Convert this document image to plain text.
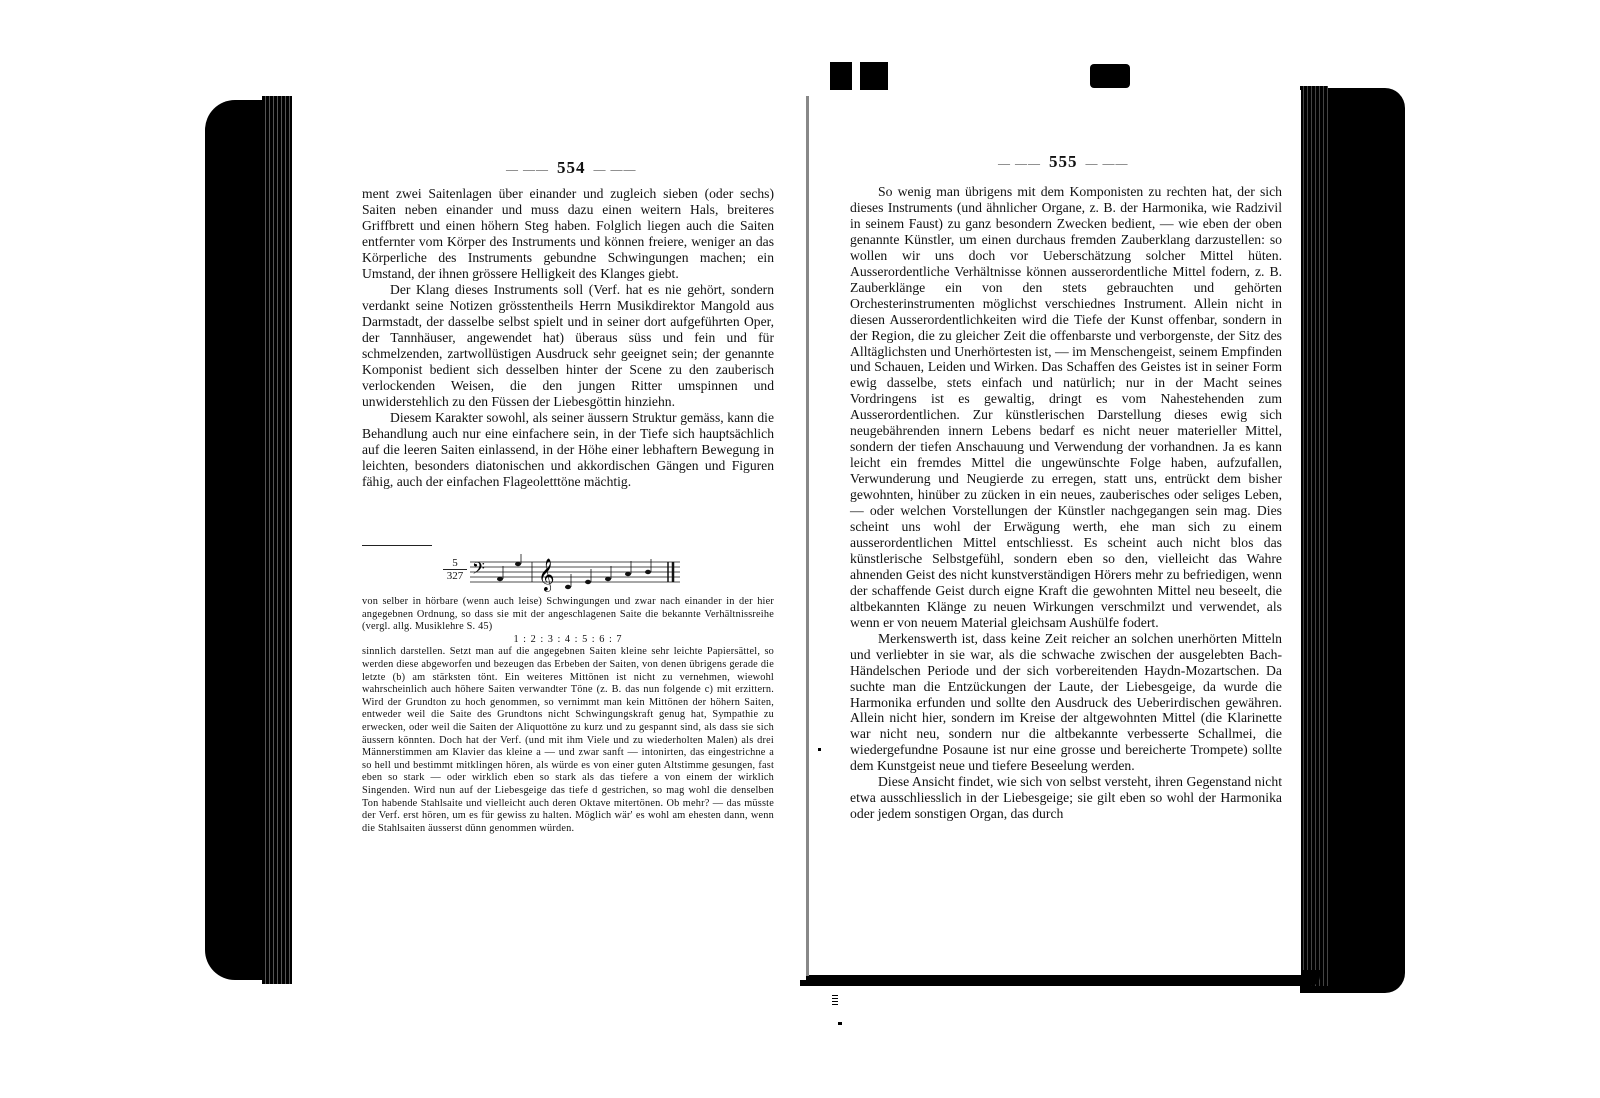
— —— 554 — ——

ment zwei Saitenlagen über einander und zugleich sieben (oder sechs) Saiten neben einander und muss dazu einen weitern Hals, breiteres Griffbrett und einen höhern Steg haben. Folglich liegen auch die Saiten entfernter vom Körper des Instruments und können freiere, weniger an das Körperliche des Instruments gebundne Schwingungen machen; ein Umstand, der ihnen grössere Helligkeit des Klanges giebt.

Der Klang dieses Instruments soll (Verf. hat es nie gehört, sondern verdankt seine Notizen grösstentheils Herrn Musikdirektor Mangold aus Darmstadt, der dasselbe selbst spielt und in seiner dort aufgeführten Oper, der Tannhäuser, angewendet hat) überaus süss und fein und für schmelzenden, zartwollüstigen Ausdruck sehr geeignet sein; der genannte Komponist bedient sich desselben hinter der Scene zu den zauberisch verlockenden Weisen, die den jungen Ritter umspinnen und unwiderstehlich zu den Füssen der Liebesgöttin hinziehn.

Diesem Karakter sowohl, als seiner äussern Struktur gemäss, kann die Behandlung auch nur eine einfachere sein, in der Tiefe sich hauptsächlich auf die leeren Saiten einlassend, in der Höhe einer lebhaftern Bewegung in leichten, besonders diatonischen und akkordischen Gängen und Figuren fähig, auch der einfachen Flageoletttöne mächtig.

$\frac{5}{327}$ 𝄢 𝄞

von selber in hörbare (wenn auch leise) Schwingungen und zwar nach einander in der hier angegebnen Ordnung, so dass sie mit der angeschlagenen Saite die bekannte Verhältnissreihe (vergl. allg. Musiklehre S. 45)

1 : 2 : 3 : 4 : 5 : 6 : 7

sinnlich darstellen. Setzt man auf die angegebnen Saiten kleine sehr leichte Papiersättel, so werden diese abgeworfen und bezeugen das Erbeben der Saiten, von denen übrigens gerade die letzte (b) am stärksten tönt. Ein weiteres Mittönen ist nicht zu vernehmen, wiewohl wahrscheinlich auch höhere Saiten verwandter Töne (z. B. das nun folgende c) mit erzittern. Wird der Grundton zu hoch genommen, so vernimmt man kein Mittönen der höhern Saiten, entweder weil die Saite des Grundtons nicht Schwingungskraft genug hat, Sympathie zu erwecken, oder weil die Saiten der Aliquottöne zu kurz und zu gespannt sind, als dass sie sich äussern könnten. Doch hat der Verf. (und mit ihm Viele und zu wiederholten Malen) als drei Männerstimmen am Klavier das kleine a — und zwar sanft — intonirten, das eingestrichne a so hell und bestimmt mitklingen hören, als würde es von einer guten Altstimme gesungen, fast eben so stark — oder wirklich eben so stark als das tiefere a von einem der wirklich Singenden. Wird nun auf der Liebesgeige das tiefe d gestrichen, so mag wohl die denselben Ton habende Stahlsaite und vielleicht auch deren Oktave mitertönen. Ob mehr? — das müsste der Verf. erst hören, um es für gewiss zu halten. Möglich wär' es wohl am ehesten dann, wenn die Stahlsaiten äusserst dünn genommen würden.

— —— 555 — ——

So wenig man übrigens mit dem Komponisten zu rechten hat, der sich dieses Instruments (und ähnlicher Organe, z. B. der Harmonika, wie Radzivil in seinem Faust) zu ganz besondern Zwecken bedient, — wie eben der oben genannte Künstler, um einen durchaus fremden Zauberklang darzustellen: so wollen wir uns doch vor Ueberschätzung solcher Mittel hüten. Ausserordentliche Verhältnisse können ausserordentliche Mittel fodern, z. B. Zauberklänge ein von den stets gebrauchten und gehörten Orchesterinstrumenten möglichst verschiednes Instrument. Allein nicht in diesen Ausserordentlichkeiten wird die Tiefe der Kunst offenbar, sondern in der Region, die zu gleicher Zeit die offenbarste und verborgenste, der Sitz des Alltäglichsten und Unerhörtesten ist, — im Menschengeist, seinem Empfinden und Schauen, Leiden und Wirken. Das Schaffen des Geistes ist in seiner Form ewig dasselbe, stets einfach und natürlich; nur in der Macht seines Vordringens ist es gewaltig, dringt es vom Nahestehenden zum Ausserordentlichen. Zur künstlerischen Darstellung dieses ewig sich neugebährenden innern Lebens bedarf es nicht neuer materieller Mittel, sondern der tiefen Anschauung und Verwendung der vorhandnen. Ja es kann leicht ein fremdes Mittel die ungewünschte Folge haben, aufzufallen, Verwunderung und Neugierde zu erregen, statt uns, entrückt dem bisher gewohnten, hinüber zu zücken in ein neues, zauberisches oder seliges Leben, — oder welchen Vorstellungen der Künstler nachgegangen sein mag. Dies scheint uns wohl der Erwägung werth, ehe man sich zu einem ausserordentlichen Mittel entschliesst. Es scheint auch nicht blos das künstlerische Selbstgefühl, sondern eben so den, vielleicht das Wahre ahnenden Geist des nicht kunstverständigen Hörers mehr zu befriedigen, wenn der schaffende Geist durch eigne Kraft die gewohnten Mittel neu beseelt, die altbekannten Klänge zu neuen Wirkungen verschmilzt und verwendet, als wenn er von neuem Material gleichsam Aushülfe fodert.

Merkenswerth ist, dass keine Zeit reicher an solchen unerhörten Mitteln und verliebter in sie war, als die schwache zwischen der ausgelebten Bach-Händelschen Periode und der sich vorbereitenden Haydn-Mozartschen. Da suchte man die Entzückungen der Laute, der Liebesgeige, da wurde die Harmonika erfunden und sollte den Ausdruck des Ueberirdischen gewähren. Allein nicht hier, sondern im Kreise der altgewohnten Mittel (die Klarinette war nicht neu, sondern nur die altbekannte verbesserte Schallmei, die wiedergefundne Posaune ist nur eine grosse und bereicherte Trompete) sollte dem Kunstgeist neue und tiefere Beseelung werden.

Diese Ansicht findet, wie sich von selbst versteht, ihren Gegenstand nicht etwa ausschliesslich in der Liebesgeige; sie gilt eben so wohl der Harmonika oder jedem sonstigen Organ, das durch
